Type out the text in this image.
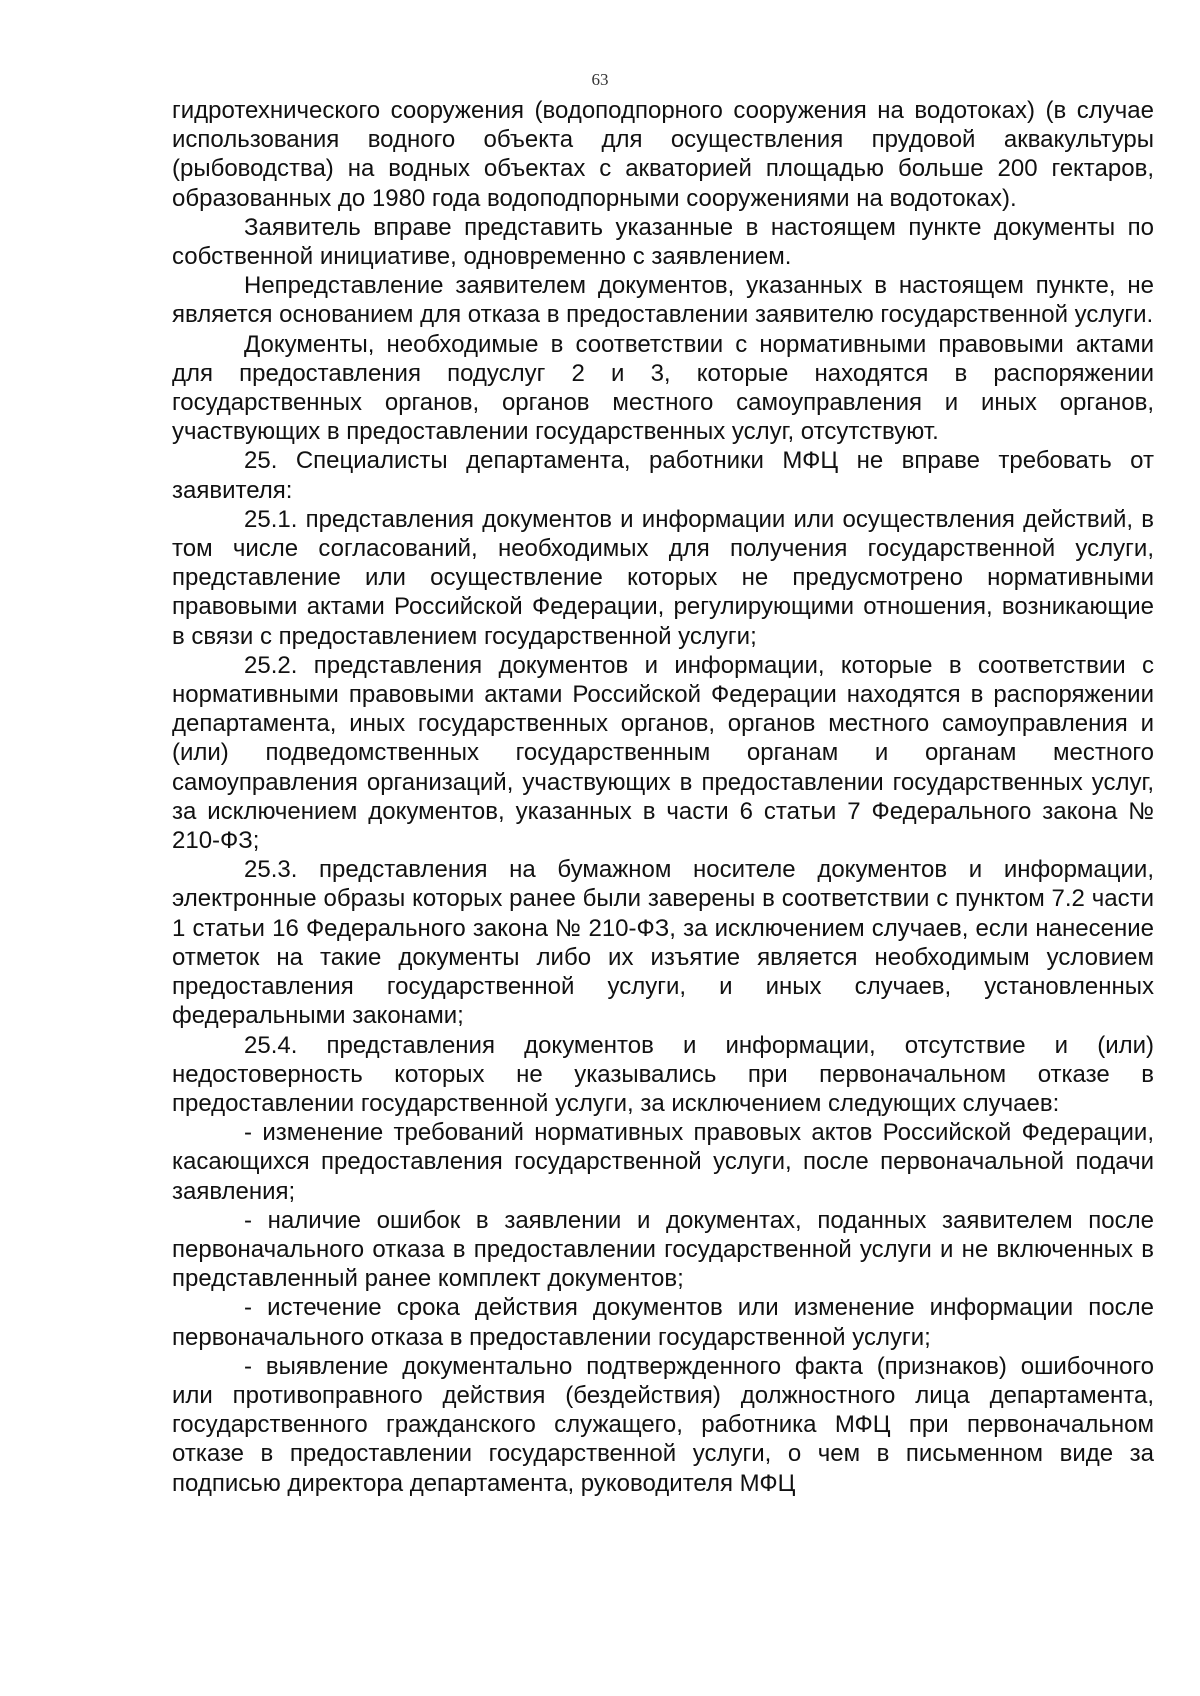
63

гидротехнического сооружения (водоподпорного сооружения на водотоках) (в случае использования водного объекта для осуществления прудовой аквакультуры (рыбоводства) на водных объектах с акваторией площадью больше 200 гектаров, образованных до 1980 года водоподпорными сооружениями на водотоках).

Заявитель вправе представить указанные в настоящем пункте документы по собственной инициативе, одновременно с заявлением.

Непредставление заявителем документов, указанных в настоящем пункте, не является основанием для отказа в предоставлении заявителю государственной услуги.

Документы, необходимые в соответствии с нормативными правовыми актами для предоставления подуслуг 2 и 3, которые находятся в распоряжении государственных органов, органов местного самоуправления и иных органов, участвующих в предоставлении государственных услуг, отсутствуют.

25. Специалисты департамента, работники МФЦ не вправе требовать от заявителя:

25.1. представления документов и информации или осуществления действий, в том числе согласований, необходимых для получения государственной услуги, представление или осуществление которых не предусмотрено нормативными правовыми актами Российской Федерации, регулирующими отношения, возникающие в связи с предоставлением государственной услуги;

25.2. представления документов и информации, которые в соответствии с нормативными правовыми актами Российской Федерации находятся в распоряжении департамента, иных государственных органов, органов местного самоуправления и (или) подведомственных государственным органам и органам местного самоуправления организаций, участвующих в предоставлении государственных услуг, за исключением документов, указанных в части 6 статьи 7 Федерального закона № 210-ФЗ;

25.3. представления на бумажном носителе документов и информации, электронные образы которых ранее были заверены в соответствии с пунктом 7.2 части 1 статьи 16 Федерального закона № 210-ФЗ, за исключением случаев, если нанесение отметок на такие документы либо их изъятие является необходимым условием предоставления государственной услуги, и иных случаев, установленных федеральными законами;

25.4. представления документов и информации, отсутствие и (или) недостоверность которых не указывались при первоначальном отказе в предоставлении государственной услуги, за исключением следующих случаев:

- изменение требований нормативных правовых актов Российской Федерации, касающихся предоставления государственной услуги, после первоначальной подачи заявления;

- наличие ошибок в заявлении и документах, поданных заявителем после первоначального отказа в предоставлении государственной услуги и не включенных в представленный ранее комплект документов;

- истечение срока действия документов или изменение информации после первоначального отказа в предоставлении государственной услуги;

- выявление документально подтвержденного факта (признаков) ошибочного или противоправного действия (бездействия) должностного лица департамента, государственного гражданского служащего, работника МФЦ при первоначальном отказе в предоставлении государственной услуги, о чем в письменном виде за подписью директора департамента, руководителя МФЦ
